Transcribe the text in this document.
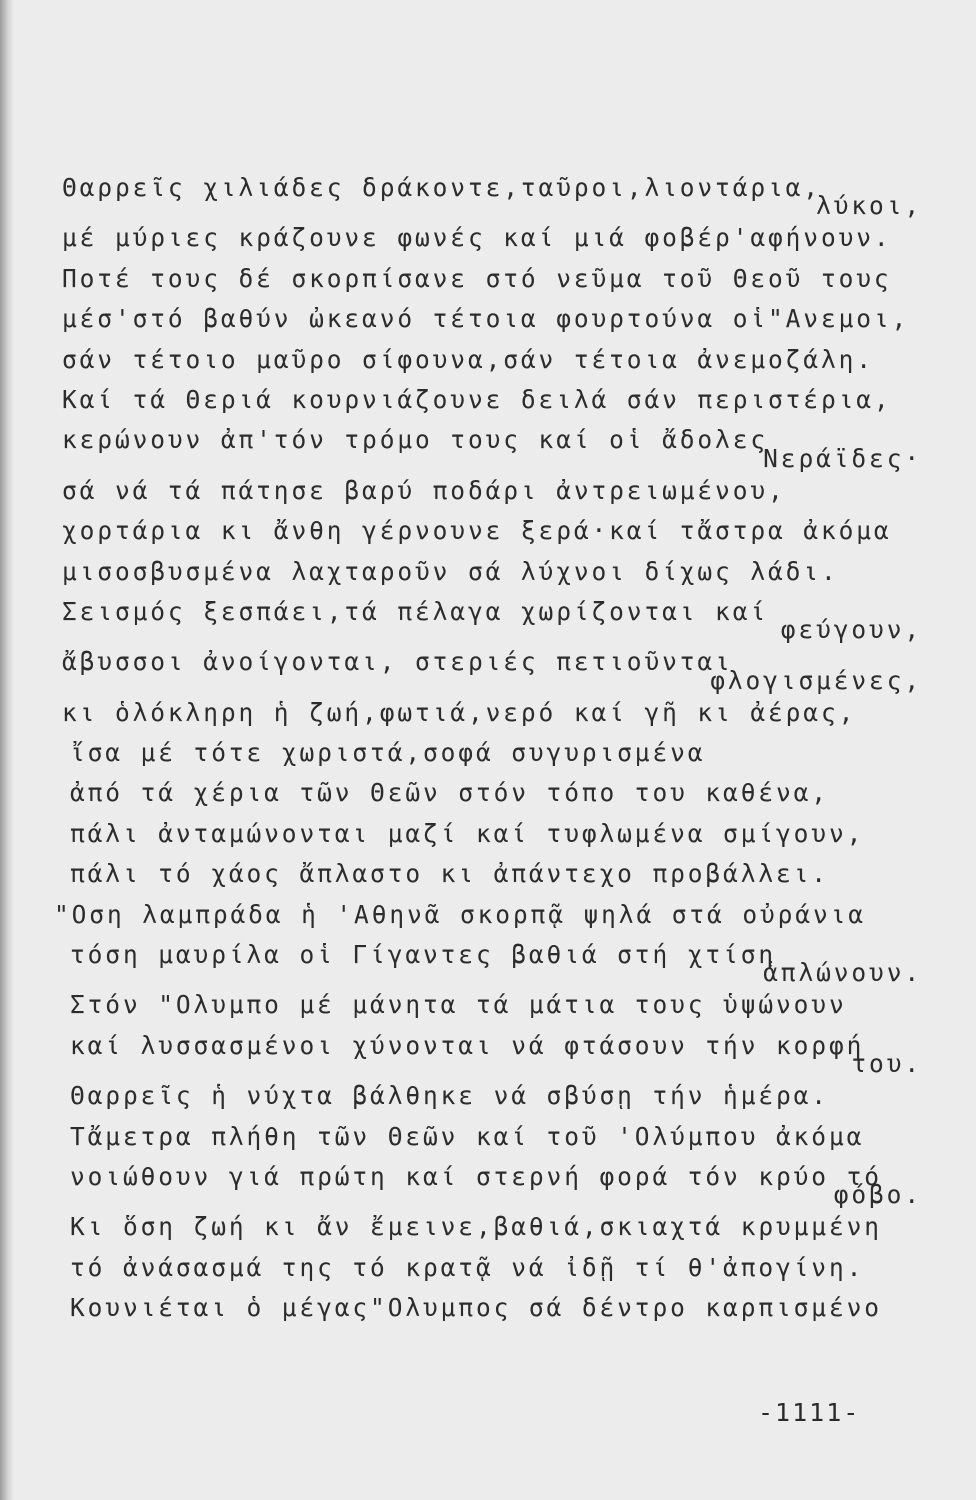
Θαρρεῖς χιλιάδες δράκοντε,ταῦροι,λιοντάρια,
λύκοι,
μέ μύριες κράζουνε φωνές καί μιά φοβέρ'αφήνουν.
Ποτέ τους δέ σκορπίσανε στό νεῦμα τοῦ Θεοῦ τους
μέσ'στό βαθύν ὠκεανό τέτοια φουρτούνα οἱ"Ανεμοι,
σάν τέτοιο μαῦρο σίφουνα,σάν τέτοια ἀνεμοζάλη.
Καί τά Θεριά κουρνιάζουνε δειλά σάν περιστέρια,
κερώνουν ἀπ'τόν τρόμο τους καί οἱ ἄδολες
Νεράϊδες·
σά νά τά πάτησε βαρύ ποδάρι ἀντρειωμένου,
χορτάρια κι ἄνθη γέρνουνε ξερά·καί τἄστρα ἀκόμα
μισοσβυσμένα λαχταροῦν σά λύχνοι δίχως λάδι.
Σεισμός ξεσπάει,τά πέλαγα χωρίζονται καί
φεύγουν,
ἄβυσσοι ἀνοίγονται, στεριές πετιοῦνται
φλογισμένες,
κι ὁλόκληρη ἡ ζωή,φωτιά,νερό καί γῆ κι ἀέρας,
ἴσα μέ τότε χωριστά,σοφά συγυρισμένα
ἀπό τά χέρια τῶν Θεῶν στόν τόπο του καθένα,
πάλι ἀνταμώνονται μαζί καί τυφλωμένα σμίγουν,
πάλι τό χάος ἄπλαστο κι ἀπάντεχο προβάλλει.
"Οση λαμπράδα ἡ 'Αθηνᾶ σκορπᾷ ψηλά στά οὐράνια
τόση μαυρίλα οἱ Γίγαντες βαθιά στή χτίση
ἁπλώνουν.
Στόν "Ολυμπο μέ μάνητα τά μάτια τους ὑψώνουν
καί λυσσασμένοι χύνονται νά φτάσουν τήν κορφή
του.
Θαρρεῖς ἡ νύχτα βάλθηκε νά σβύσῃ τήν ἡμέρα.
Τἄμετρα πλήθη τῶν Θεῶν καί τοῦ 'Ολύμπου ἀκόμα
νοιώθουν γιά πρώτη καί στερνή φορά τόν κρύο τό
φόβο.
Κι ὅση ζωή κι ἄν ἔμεινε,βαθιά,σκιαχτά κρυμμένη
τό ἀνάσασμά της τό κρατᾷ νά ἰδῇ τί θ'ἀπογίνη.
Κουνιέται ὁ μέγας"Ολυμπος σά δέντρο καρπισμένο
-1111-
